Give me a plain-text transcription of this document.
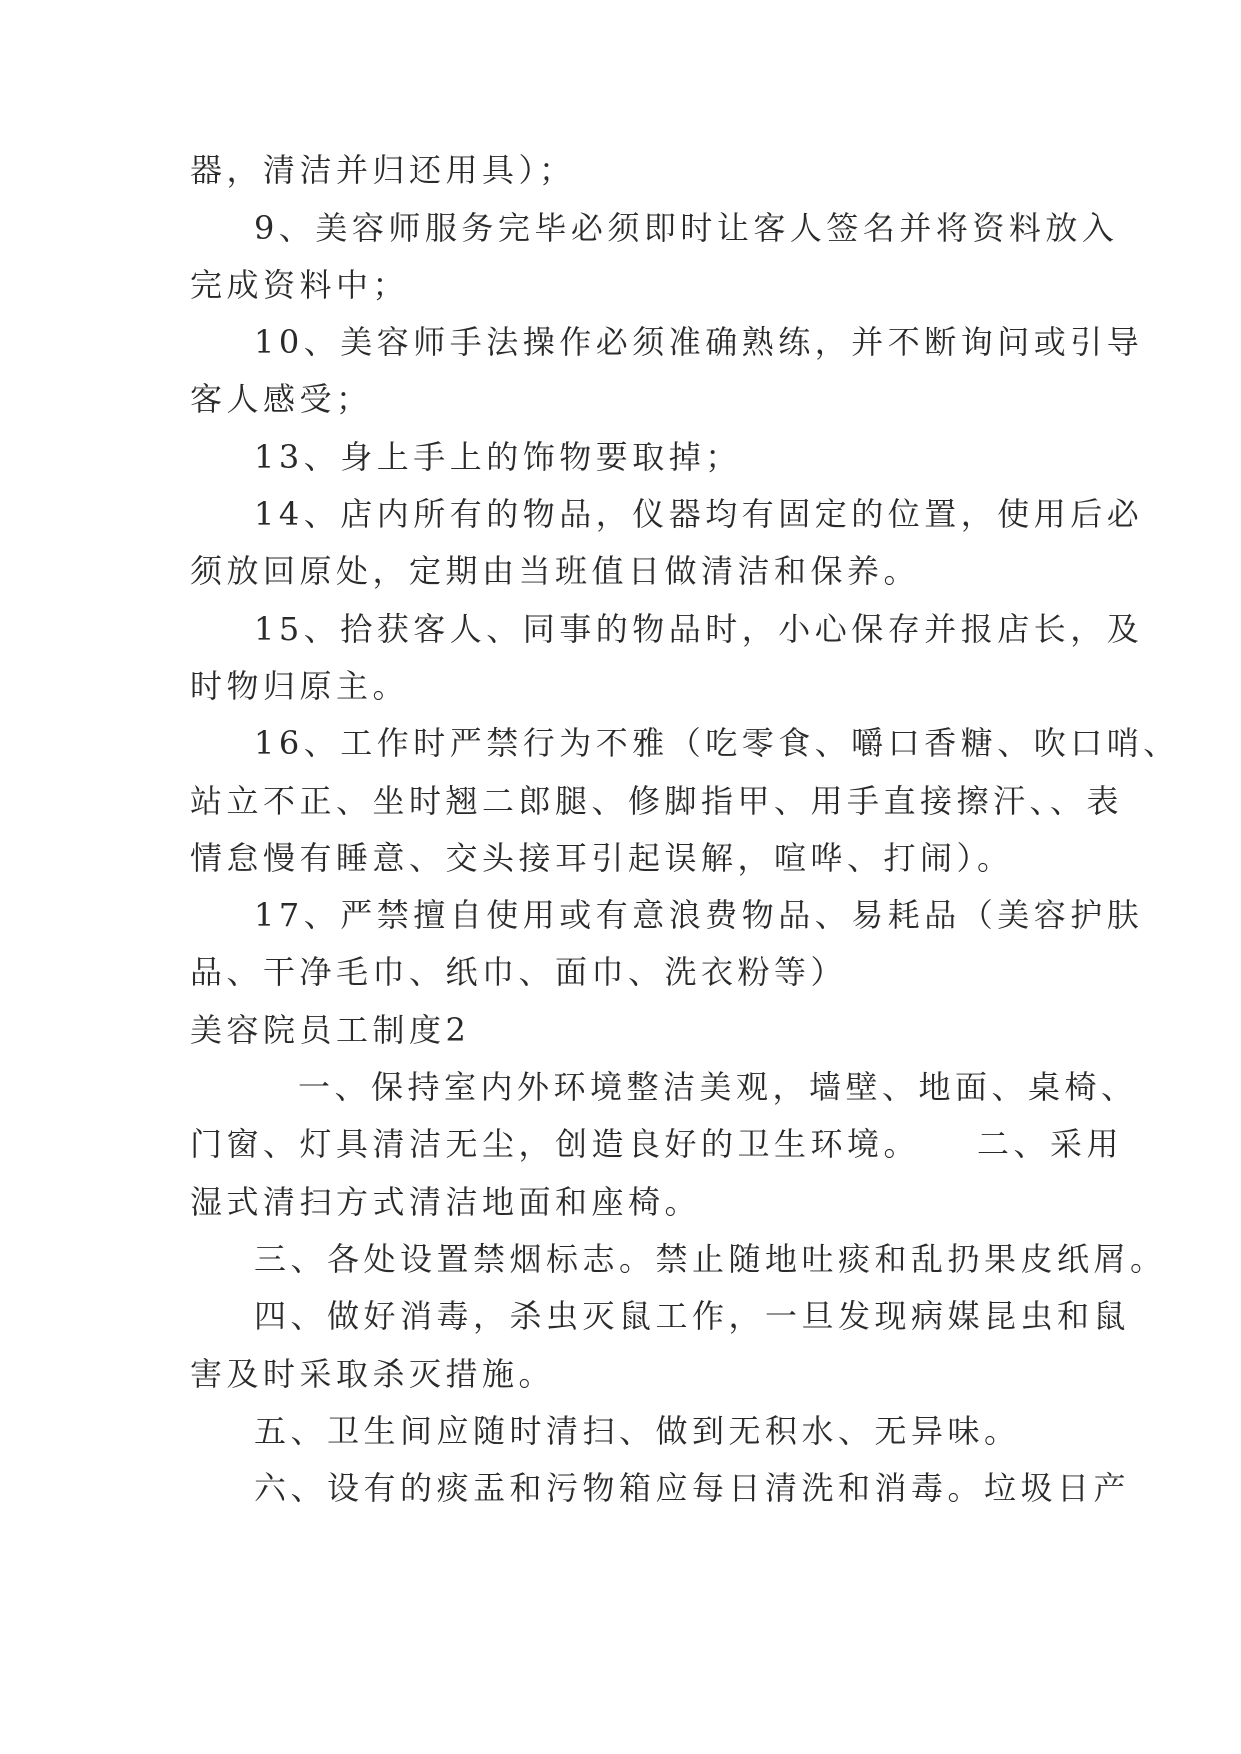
器，清洁并归还用具）；
9、美容师服务完毕必须即时让客人签名并将资料放入
完成资料中；
10、美容师手法操作必须准确熟练，并不断询问或引导
客人感受；
13、身上手上的饰物要取掉；
14、店内所有的物品，仪器均有固定的位置，使用后必
须放回原处，定期由当班值日做清洁和保养。
15、拾获客人、同事的物品时，小心保存并报店长，及
时物归原主。
16、工作时严禁行为不雅（吃零食、嚼口香糖、吹口哨、
站立不正、坐时翘二郎腿、修脚指甲、用手直接擦汗、、表
情怠慢有睡意、交头接耳引起误解，喧哗、打闹）。
17、严禁擅自使用或有意浪费物品、易耗品（美容护肤
品、干净毛巾、纸巾、面巾、洗衣粉等）
美容院员工制度2
一、保持室内外环境整洁美观，墙壁、地面、桌椅、
门窗、灯具清洁无尘，创造良好的卫生环境。　　二、采用
湿式清扫方式清洁地面和座椅。
三、各处设置禁烟标志。禁止随地吐痰和乱扔果皮纸屑。
四、做好消毒，杀虫灭鼠工作，一旦发现病媒昆虫和鼠
害及时采取杀灭措施。
五、卫生间应随时清扫、做到无积水、无异味。
六、设有的痰盂和污物箱应每日清洗和消毒。垃圾日产
